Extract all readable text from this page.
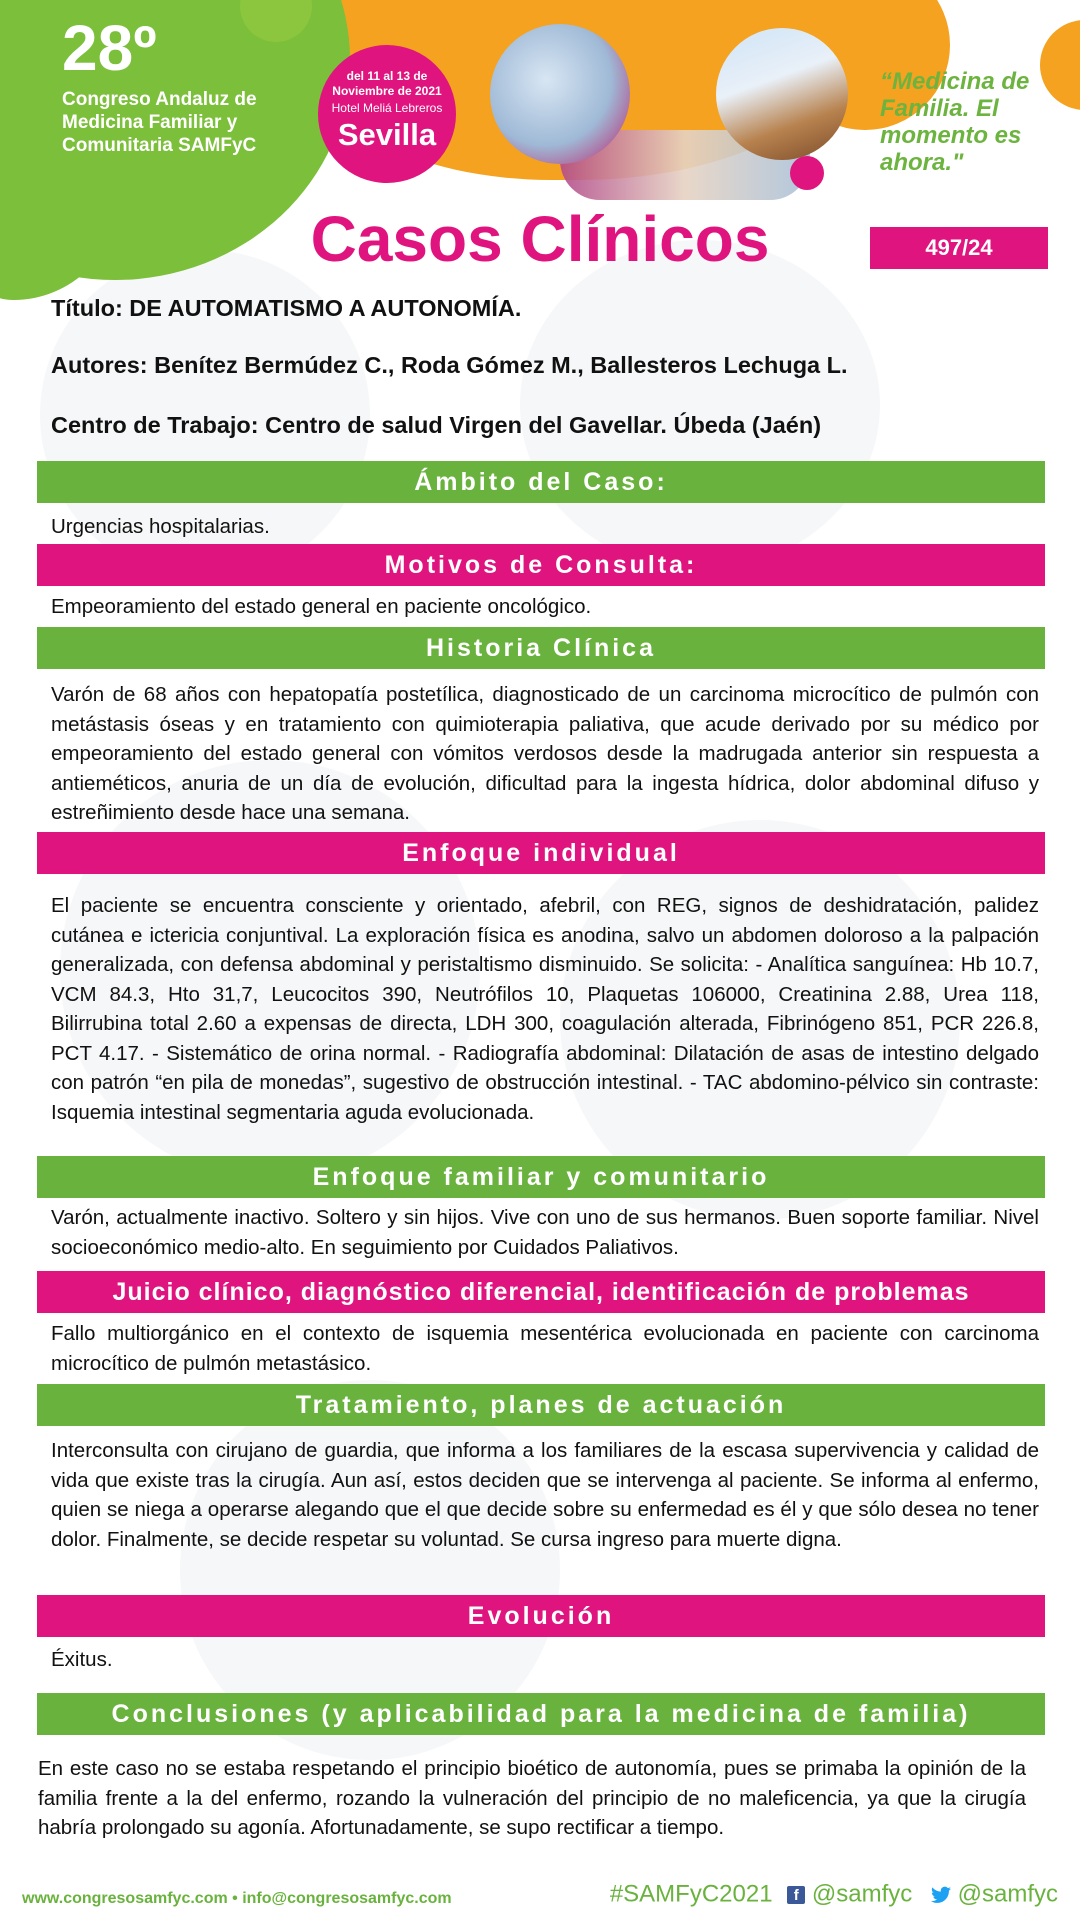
28º
Congreso Andaluz de Medicina Familiar y Comunitaria SAMFyC
del 11 al 13 de Noviembre de 2021
Hotel Meliá Lebreros
Sevilla
“Medicina de Familia. El momento es ahora."
Casos Clínicos	497/24
Título: DE AUTOMATISMO A AUTONOMÍA.
Autores: Benítez Bermúdez C., Roda Gómez M., Ballesteros Lechuga L.
Centro de Trabajo: Centro de salud Virgen del Gavellar. Úbeda (Jaén)
Ámbito del Caso:
Urgencias hospitalarias.
Motivos de Consulta:
Empeoramiento del estado general en paciente oncológico.
Historia Clínica
Varón de 68 años con hepatopatía postetílica, diagnosticado de un carcinoma microcítico de pulmón con metástasis óseas y en tratamiento con quimioterapia paliativa, que acude derivado por su médico por empeoramiento del estado general con vómitos verdosos desde la madrugada anterior sin respuesta a antieméticos, anuria de un día de evolución, dificultad para la ingesta hídrica, dolor abdominal difuso y estreñimiento desde hace una semana.
Enfoque individual
El paciente se encuentra consciente y orientado, afebril, con REG, signos de deshidratación, palidez cutánea e ictericia conjuntival. La exploración física es anodina, salvo un abdomen doloroso a la palpación generalizada, con defensa abdominal y peristaltismo disminuido. Se solicita: - Analítica sanguínea: Hb 10.7, VCM 84.3, Hto 31,7, Leucocitos 390, Neutrófilos 10, Plaquetas 106000, Creatinina 2.88, Urea 118, Bilirrubina total 2.60 a expensas de directa, LDH 300, coagulación alterada, Fibrinógeno 851, PCR 226.8, PCT 4.17. - Sistemático de orina normal. - Radiografía abdominal: Dilatación de asas de intestino delgado con patrón “en pila de monedas”, sugestivo de obstrucción intestinal. - TAC abdomino-pélvico sin contraste: Isquemia intestinal segmentaria aguda evolucionada.
Enfoque familiar y comunitario
Varón, actualmente inactivo. Soltero y sin hijos. Vive con uno de sus hermanos. Buen soporte familiar. Nivel socioeconómico medio-alto. En seguimiento por Cuidados Paliativos.
Juicio clínico, diagnóstico diferencial, identificación de problemas
Fallo multiorgánico en el contexto de isquemia mesentérica evolucionada en paciente con carcinoma microcítico de pulmón metastásico.
Tratamiento, planes de actuación
Interconsulta con cirujano de guardia, que informa a los familiares de la escasa supervivencia y calidad de vida que existe tras la cirugía. Aun así, estos deciden que se intervenga al paciente. Se informa al enfermo, quien se niega a operarse alegando que el que decide sobre su enfermedad es él y que sólo desea no tener dolor. Finalmente, se decide respetar su voluntad. Se cursa ingreso para muerte digna.
Evolución
Éxitus.
Conclusiones (y aplicabilidad para la medicina de familia)
En este caso no se estaba respetando el principio bioético de autonomía, pues se primaba la opinión de la familia frente a la del enfermo, rozando la vulneración del principio de no maleficencia, ya que la cirugía habría prolongado su agonía. Afortunadamente, se supo rectificar a tiempo.
www.congresosamfyc.com • info@congresosamfyc.com	#SAMFyC2021 f @samfyc @samfyc
